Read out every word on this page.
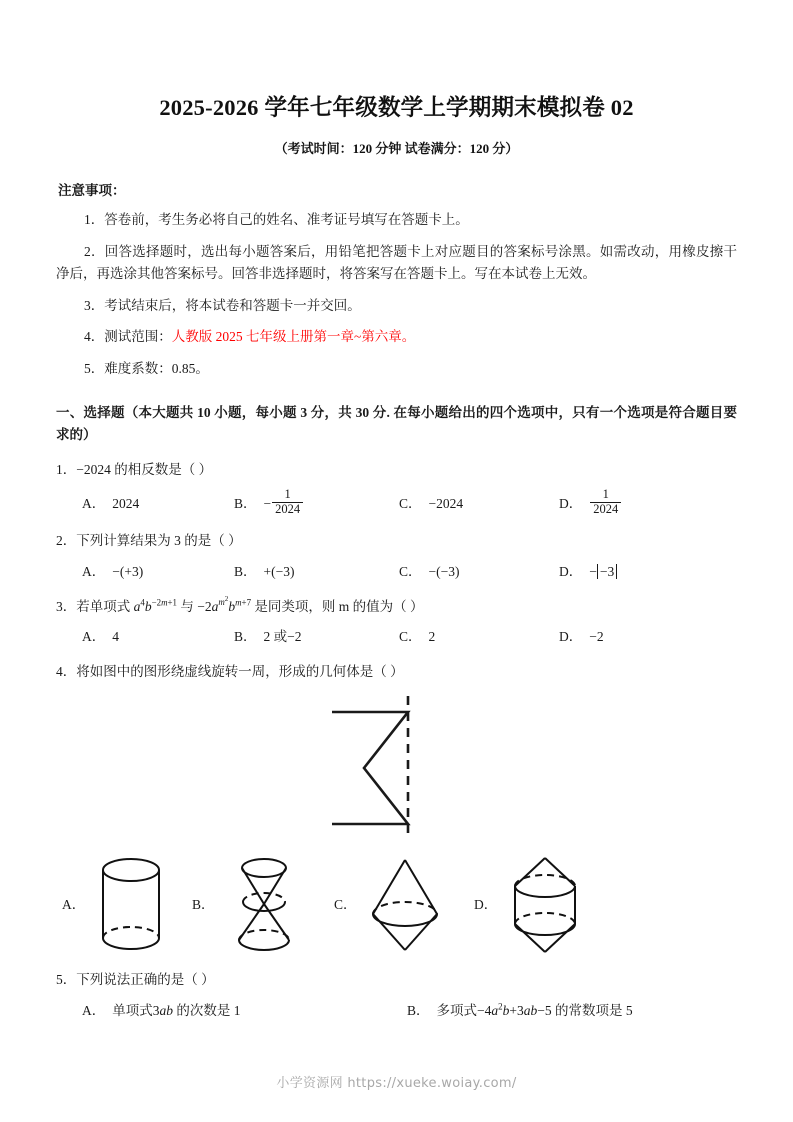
2025-2026 学年七年级数学上学期期末模拟卷 02
（考试时间：120 分钟 试卷满分：120 分）
注意事项：
1．答卷前，考生务必将自己的姓名、准考证号填写在答题卡上。
2．回答选择题时，选出每小题答案后，用铅笔把答题卡上对应题目的答案标号涂黑。如需改动，用橡皮擦干净后，再选涂其他答案标号。回答非选择题时，将答案写在答题卡上。写在本试卷上无效。
3．考试结束后，将本试卷和答题卡一并交回。
4．测试范围：人教版 2025 七年级上册第一章~第六章。
5．难度系数：0.85。
一、选择题（本大题共 10 小题，每小题 3 分，共 30 分. 在每小题给出的四个选项中，只有一个选项是符合题目要求的）
1．−2024 的相反数是（ ）
A． 2024	B． − $\frac{1}{2024}$	C． −2024	D． $\frac{1}{2024}$
2．下列计算结果为 3 的是（ ）
A． −(+3)	B． +(−3)	C． −(−3)	D． − −3
3．若单项式 $a^4b^{-2m+1}$ 与 $-2a^{m^2}b^{m+7}$ 是同类项，则 m 的值为（ ）
A． 4	B． 2 或−2	C． 2	D． −2
4．将如图中的图形绕虚线旋转一周，形成的几何体是（ ）
A．	B．	C．	D．
5．下列说法正确的是（ ）
A． 单项式3ab 的次数是 1	B． 多项式$-4a^2b+3ab-5$ 的常数项是 5
小学资源网 https://xueke.woiay.com/
